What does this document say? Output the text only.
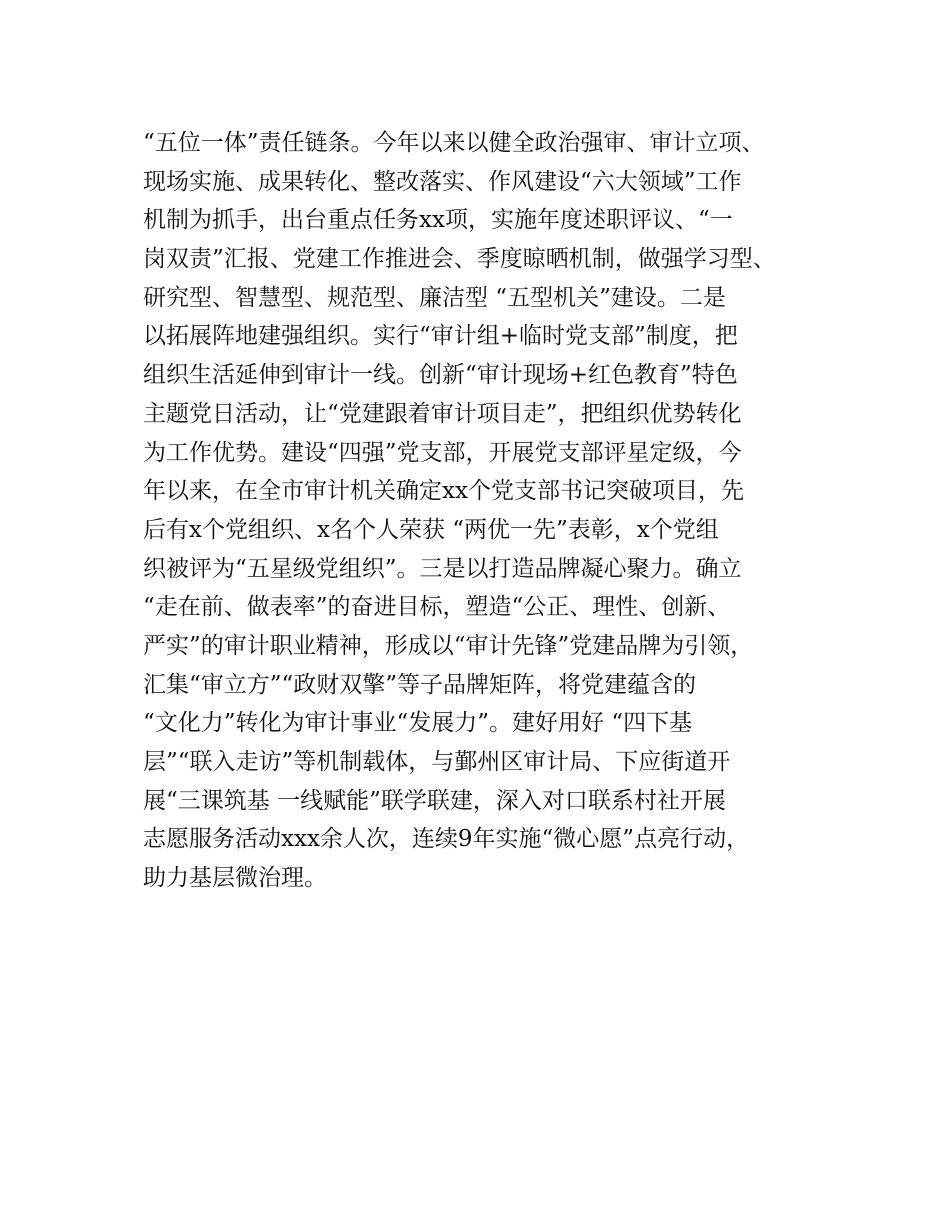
“五位一体”责任链条。今年以来以健全政治强审、审计立项、
现场实施、成果转化、整改落实、作风建设“六大领域”工作
机制为抓手，出台重点任务xx项，实施年度述职评议、“一
岗双责”汇报、党建工作推进会、季度晾晒机制，做强学习型、
研究型、智慧型、规范型、廉洁型 “五型机关”建设。二是
以拓展阵地建强组织。实行“审计组+临时党支部”制度，把
组织生活延伸到审计一线。创新“审计现场+红色教育”特色
主题党日活动，让“党建跟着审计项目走”，把组织优势转化
为工作优势。建设“四强”党支部，开展党支部评星定级，今
年以来，在全市审计机关确定xx个党支部书记突破项目，先
后有x个党组织、x名个人荣获 “两优一先”表彰，x个党组
织被评为“五星级党组织”。三是以打造品牌凝心聚力。确立
“走在前、做表率”的奋进目标，塑造“公正、理性、创新、
严实”的审计职业精神，形成以“审计先锋”党建品牌为引领，
汇集“审立方”“政财双擎”等子品牌矩阵，将党建蕴含的
“文化力”转化为审计事业“发展力”。建好用好 “四下基
层”“联入走访”等机制载体，与鄞州区审计局、下应街道开
展“三课筑基 一线赋能”联学联建，深入对口联系村社开展
志愿服务活动xxx余人次，连续9年实施“微心愿”点亮行动，
助力基层微治理。
